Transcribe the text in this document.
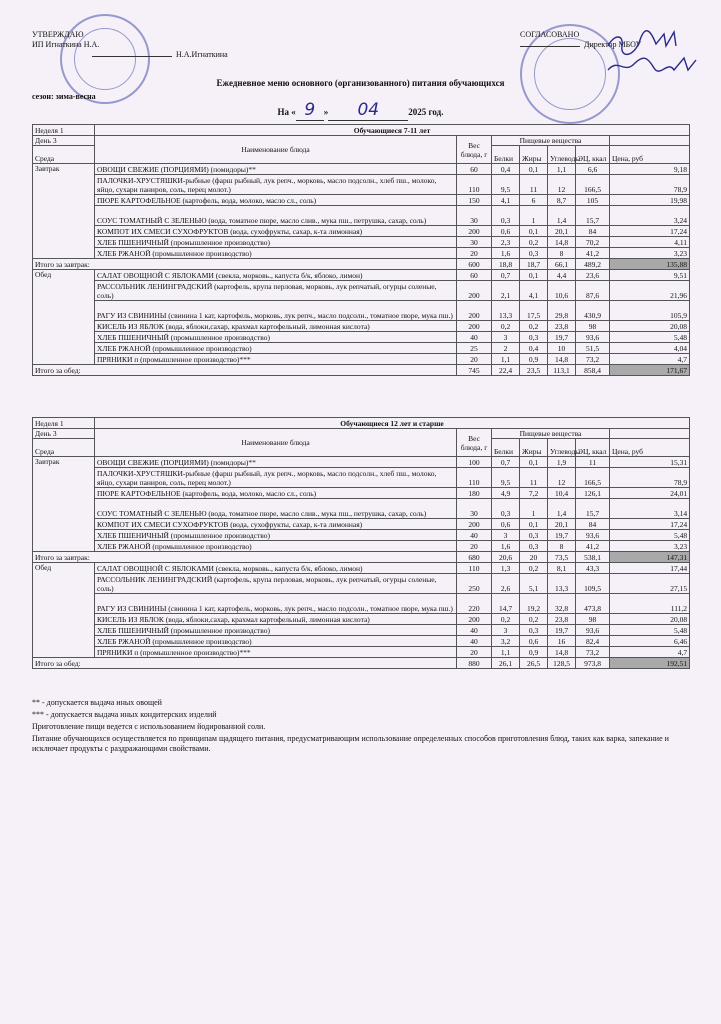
УТВЕРЖДАЮ
ИП Игнаткина Н.А.
Н.А.Игнаткина
СОГЛАСОВАНО
Директор МБОУ
Ежедневное меню основного (организованного) питания обучающихся
сезон: зима-весна
На « 9 » 04	2025 год.
Неделя 1	Обучающиеся 7-11 лет						
День 3	Наименование блюда	Вес блюда, г	Пищевые вещества				
Среда			Белки	Жиры	Углеводы	ЭЦ, ккал	Цена, руб
Завтрак	ОВОЩИ СВЕЖИЕ (ПОРЦИЯМИ) (помидоры)**	60	0,4	0,1	1,1	6,6	9,18
	ПАЛОЧКИ-ХРУСТЯШКИ-рыбные (фарш рыбный, лук репч., морковь, масло подсолн., хлеб пш., молоко, яйцо, сухари паниров, соль, перец молот.)	110	9,5	11	12	166,5	78,9
	ПЮРЕ КАРТОФЕЛЬНОЕ (картофель, вода, молоко, масло сл., соль)	150	4,1	6	8,7	105	19,98
	СОУС ТОМАТНЫЙ С ЗЕЛЕНЬЮ (вода, томатное пюре, масло слив., мука пш., петрушка, сахар, соль)	30	0,3	1	1,4	15,7	3,24
	КОМПОТ ИХ СМЕСИ СУХОФРУКТОВ (вода, сухофрукты, сахар, к-та лимонная)	200	0,6	0,1	20,1	84	17,24
	ХЛЕБ ПШЕНИЧНЫЙ (промышленное производство)	30	2,3	0,2	14,8	70,2	4,11
	ХЛЕБ РЖАНОЙ (промышленное производство)	20	1,6	0,3	8	41,2	3,23
Итого за завтрак:		600	18,8	18,7	66,1	489,2	135,88
Обед	САЛАТ ОВОЩНОЙ С ЯБЛОКАМИ (свекла, морковь., капуста б/к, яблоко, лимон)	60	0,7	0,1	4,4	23,6	9,51
	РАССОЛЬНИК ЛЕНИНГРАДСКИЙ (картофель, крупа перловая, морковь, лук репчатый, огурцы соленые, соль)	200	2,1	4,1	10,6	87,6	21,96
	РАГУ ИЗ СВИНИНЫ (свинина 1 кат, картофель, морковь, лук репч., масло подсолн., томатное пюре, мука пш.)	200	13,3	17,5	29,8	430,9	105,9
	КИСЕЛЬ ИЗ ЯБЛОК (вода, яблоки,сахар, крахмал картофельный, лимонная кислота)	200	0,2	0,2	23,8	98	20,08
	ХЛЕБ ПШЕНИЧНЫЙ (промышленное производство)	40	3	0,3	19,7	93,6	5,48
	ХЛЕБ РЖАНОЙ (промышленное производство)	25	2	0,4	10	51,5	4,04
	ПРЯНИКИ п (промышленное производство)***	20	1,1	0,9	14,8	73,2	4,7
Итого за обед:		745	22,4	23,5	113,1	858,4	171,67
Неделя 1	Обучающиеся 12 лет и старше						
День 3	Наименование блюда	Вес блюда, г	Пищевые вещества				
Среда			Белки	Жиры	Углеводы	ЭЦ, ккал	Цена, руб
Завтрак	ОВОЩИ СВЕЖИЕ (ПОРЦИЯМИ) (помидоры)**	100	0,7	0,1	1,9	11	15,31
	ПАЛОЧКИ-ХРУСТЯШКИ-рыбные (фарш рыбный, лук репч., морковь, масло подсолн., хлеб пш., молоко, яйцо, сухари паниров, соль, перец молот.)	110	9,5	11	12	166,5	78,9
	ПЮРЕ КАРТОФЕЛЬНОЕ (картофель, вода, молоко, масло сл., соль)	180	4,9	7,2	10,4	126,1	24,01
	СОУС ТОМАТНЫЙ С ЗЕЛЕНЬЮ (вода, томатное пюре, масло слив., мука пш., петрушка, сахар, соль)	30	0,3	1	1,4	15,7	3,14
	КОМПОТ ИХ СМЕСИ СУХОФРУКТОВ (вода, сухофрукты, сахар, к-та лимонная)	200	0,6	0,1	20,1	84	17,24
	ХЛЕБ ПШЕНИЧНЫЙ (промышленное производство)	40	3	0,3	19,7	93,6	5,48
	ХЛЕБ РЖАНОЙ (промышленное производство)	20	1,6	0,3	8	41,2	3,23
Итого за завтрак:		680	20,6	20	73,5	538,1	147,31
Обед	САЛАТ ОВОЩНОЙ С ЯБЛОКАМИ (свекла, морковь., капуста б/к, яблоко, лимон)	110	1,3	0,2	8,1	43,3	17,44
	РАССОЛЬНИК ЛЕНИНГРАДСКИЙ (картофель, крупа перловая, морковь, лук репчатый, огурцы соленые, соль)	250	2,6	5,1	13,3	109,5	27,15
	РАГУ ИЗ СВИНИНЫ (свинина 1 кат, картофель, морковь, лук репч., масло подсолн., томатное пюре, мука пш.)	220	14,7	19,2	32,8	473,8	111,2
	КИСЕЛЬ ИЗ ЯБЛОК (вода, яблоки,сахар, крахмал картофельный, лимонная кислота)	200	0,2	0,2	23,8	98	20,08
	ХЛЕБ ПШЕНИЧНЫЙ (промышленное производство)	40	3	0,3	19,7	93,6	5,48
	ХЛЕБ РЖАНОЙ (промышленное производство)	40	3,2	0,6	16	82,4	6,46
	ПРЯНИКИ п (промышленное производство)***	20	1,1	0,9	14,8	73,2	4,7
Итого за обед:		880	26,1	26,5	128,5	973,8	192,51

** - допускается выдача иных овощей

*** - допускается выдача иных кондитерских изделий

Приготовление пищи ведется с использованием йодированной соли.

Питание обучающихся осуществляется по принципам щадящего питания, предусматривающим использование определенных способов приготовления блюд, таких как варка, запекание и исключает продукты с раздражающими свойствами.
